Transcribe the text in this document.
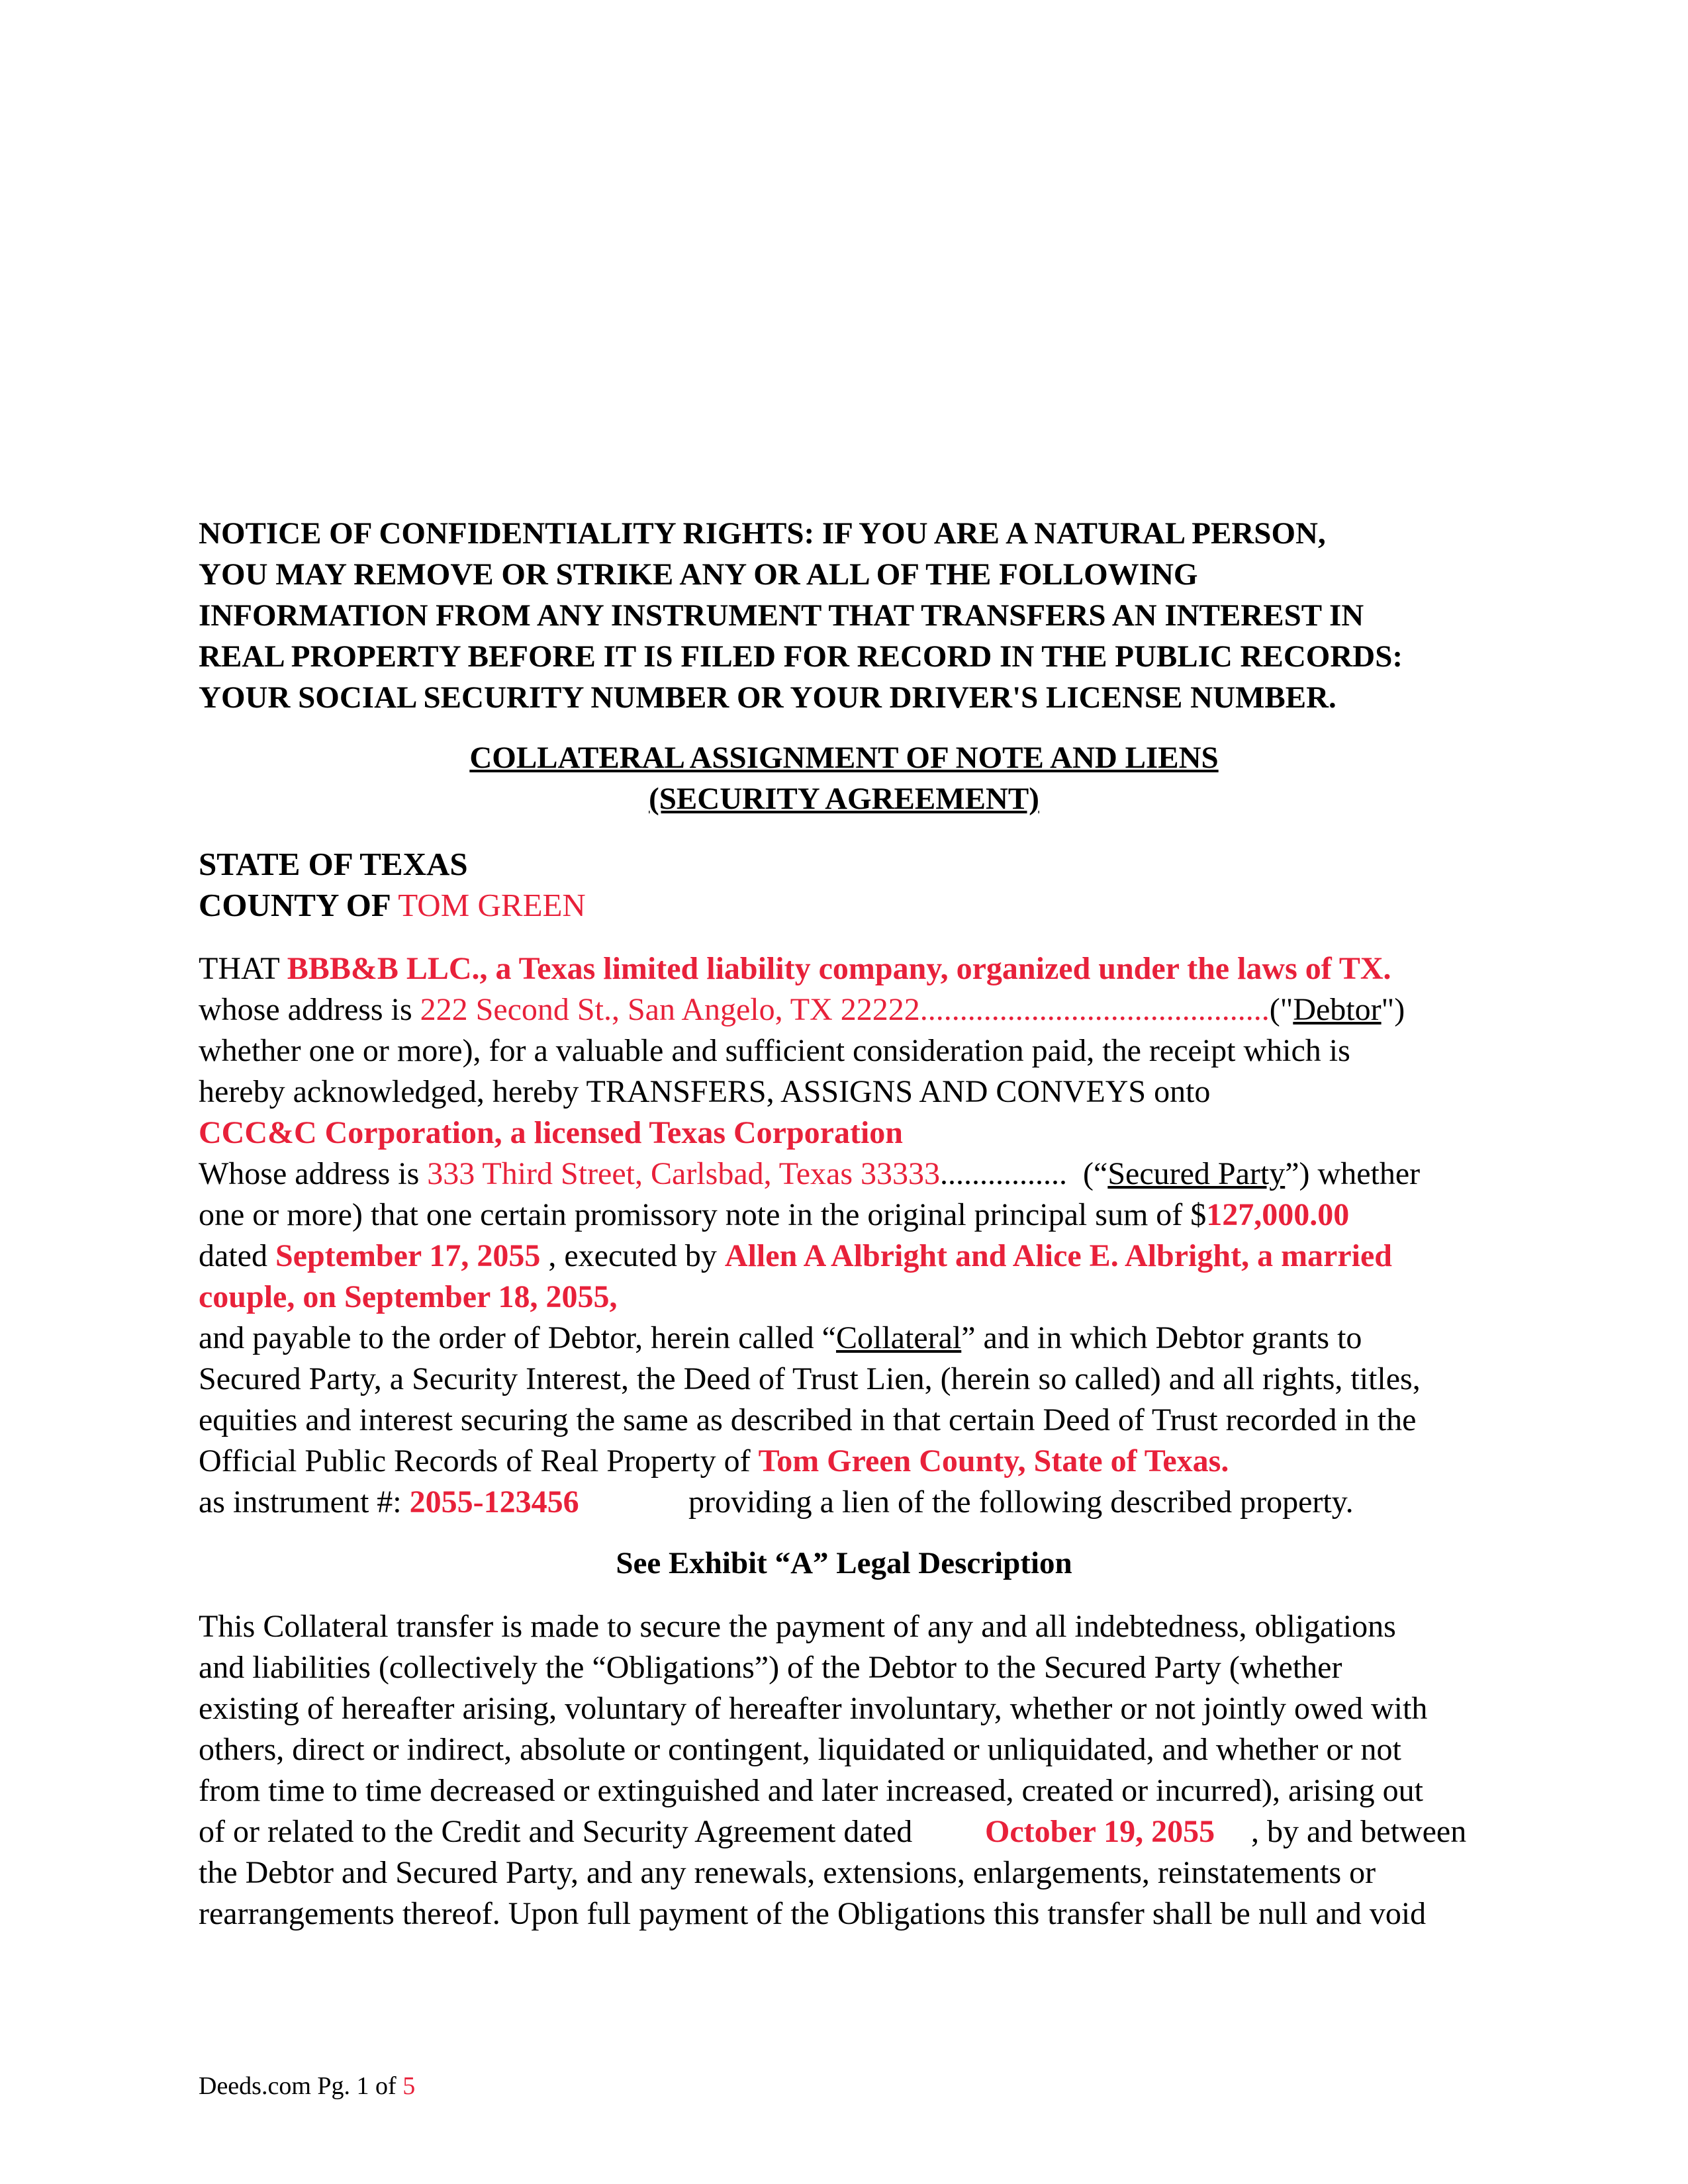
NOTICE OF CONFIDENTIALITY RIGHTS: IF YOU ARE A NATURAL PERSON,
YOU MAY REMOVE OR STRIKE ANY OR ALL OF THE FOLLOWING
INFORMATION FROM ANY INSTRUMENT THAT TRANSFERS AN INTEREST IN
REAL PROPERTY BEFORE IT IS FILED FOR RECORD IN THE PUBLIC RECORDS:
YOUR SOCIAL SECURITY NUMBER OR YOUR DRIVER'S LICENSE NUMBER.
COLLATERAL ASSIGNMENT OF NOTE AND LIENS
(SECURITY AGREEMENT)
STATE OF TEXAS
COUNTY OF TOM GREEN
THAT BBB&B LLC., a Texas limited liability company, organized under the laws of TX.
whose address is 222 Second St., San Angelo, TX 22222............................................("Debtor")
whether one or more), for a valuable and sufficient consideration paid, the receipt which is
hereby acknowledged, hereby TRANSFERS, ASSIGNS AND CONVEYS onto
CCC&C Corporation, a licensed Texas Corporation
Whose address is 333 Third Street, Carlsbad, Texas 33333................ (“Secured Party”) whether
one or more) that one certain promissory note in the original principal sum of $127,000.00
dated September 17, 2055 , executed by Allen A Albright and Alice E. Albright, a married
couple, on September 18, 2055,
and payable to the order of Debtor, herein called “Collateral” and in which Debtor grants to
Secured Party, a Security Interest, the Deed of Trust Lien, (herein so called) and all rights, titles,
equities and interest securing the same as described in that certain Deed of Trust recorded in the
Official Public Records of Real Property of Tom Green County, State of Texas.
as instrument #: 2055-123456	providing a lien of the following described property.
See Exhibit “A” Legal Description
This Collateral transfer is made to secure the payment of any and all indebtedness, obligations
and liabilities (collectively the “Obligations”) of the Debtor to the Secured Party (whether
existing of hereafter arising, voluntary of hereafter involuntary, whether or not jointly owed with
others, direct or indirect, absolute or contingent, liquidated or unliquidated, and whether or not
from time to time decreased or extinguished and later increased, created or incurred), arising out
of or related to the Credit and Security Agreement dated October 19, 2055 , by and between
the Debtor and Secured Party, and any renewals, extensions, enlargements, reinstatements or
rearrangements thereof. Upon full payment of the Obligations this transfer shall be null and void
Deeds.com Pg. 1 of 5
